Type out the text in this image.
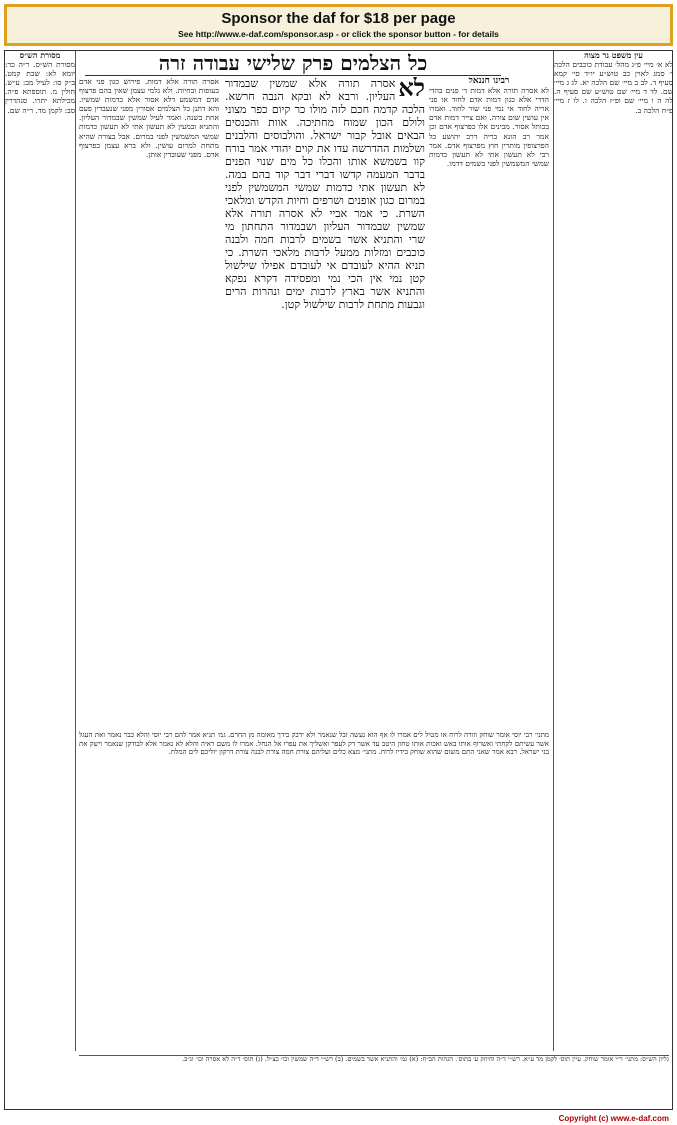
Sponsor the daf for $18 per page
See http://www.e-daf.com/sponsor.asp - or click the sponsor button - for details
מסורת הש״ס
מסורת הש״ס. ר״ה כד: יומא לא: שבת קמט. ב״ק סו: לעיל מב: ע״ש. חולין מ. תוספתא פ״ה. מכילתא יתרו. סנהדרין סב: לקמן מד. ר״ה שם.
כל הצלמים פרק שלישי עבודה זרה
אסרה תורה אלא דמות. פירוש כגון פני אדם בעופות ובחיות. ולא גלמי עצמן שאין בהם פרצוף אדם דמשמע דלא אסור אלא כדמות שמשיו. והא דתנן כל הצלמים אסורין מפני שנעבדין פעם אחת בשנה. ואמר לעיל שמשין שבמדור העליון. והתניא ובמעין לא תעשון אתי לא תעשון כדמות שמשי המשמשין לפני במרום. אבל בצורה שהיא מתחת למרום עושין. ולא ברא עצמן בפרצוף אדם. מפני שעובדין אותן.
לא
אסרה תורה אלא שמשין שבמדור העליון. ורבא לא ובקא הנבה חרשא. הלכה קדמה חכם לזה מולו כר קיום כפר מצוני ולולם הכון שמוח מחתיכה. אוות והכנסים הבאים אובל קבור ישראל. והולבוסים והלבנים ושלמות ההדרשה עדו את קוים יהודי אמר בורח קוו בשמשא אותו והכלו כל מים שנוי הפנים בדבר המעמה קדשו דברי דבר קוד בהם במה. לא תעשון אתי כדמות שמשי המשמשין לפני במרום כגון אופנים ושרפים וחיות הקדש ומלאכי השרת. כי אמר אביי לא אסרה תורה אלא שמשין שבמדור העליון ושבמדור התחתון מי שרי והתניא אשר בשמים לרבות חמה ולבנה כוכבים ומזלות ממעל לרבות מלאכי השרת. כי תניא ההיא לעובדם אי לעובדם אפילו שילשול קטן נמי אין הכי נמי ומפסידה דקרא נפקא והתניא אשר בארץ לרבות ימים ונהרות הרים וגבעות מתחת לרבות שילשול קטן.
רבינו חננאל
לא אסרה תורה אלא דמות ד׳ פנים בהדי הדדי אלא כגון דמות אדם לחוד או פני אריה לחוד אי נמי פני שור לחוד. ואמרו אין עושין שום צורה. ואם צייר דמות אדם בכותל אסור. מבינים אלו כפרצוף אדם וכן אמר רב הונא בריה דרב יהושע כל הפרצופין מותרין חוץ מפרצוף אדם. אמר רבי לא תעשון אתי לא תעשון כדמות שמשי המשמשין לפני בשמים דדמו.
עין משפט נר מצוה
לא א׳ מיי׳ פ״ג מהל׳ עבודת כוכבים הלכה י׳ סמג לאוין כב טוש״ע יו״ד סי׳ קמא סעיף ד. לב ב מיי׳ שם הלכה יא. לג ג מיי׳ שם. לד ד מיי׳ שם טוש״ע שם סעיף ה. לה ה ו מיי׳ שם ופ״ז הלכה ו. לו ז מיי׳ פ״ח הלכה ב.
מתני׳ רבי יוסי אומר שוחק וזורה לרוח או מטיל לים אמרו לו אף הוא נעשה זבל שנאמר ולא ידבק בידך מאומה מן החרם. גמ׳ תניא אמר להם רבי יוסי והלא כבר נאמר ואת העגל אשר עשיתם לקחתי ואשרוף אותו באש ואכות אותו טחון היטב עד אשר דק לעפר ואשליך את עפרו אל הנחל. אמרו לו משם ראיה והלא לא נאמר אלא לבודקן שנאמר וישק את בני ישראל. רבא אמר שאני התם משום שהוא שוחק בידיו לרוח. מתני׳ מצא כלים ועליהם צורת חמה צורת לבנה צורת דרקון יוליכם לים המלח.
גליון הש״ס: מתני׳ ר״י אומר שוחק. עיין תוס׳ לקמן מד ע״א. רש״י ד״ה והיוזק ע׳ בתוס׳. הגהות הב״ח: (א) גמ׳ והתניא אשר בשמים. (ב) רש״י ד״ה שמשין וכו׳ כצ״ל. (ג) תוס׳ ד״ה לא אסרה וכו׳ ונ״ב.
Copyright (c) www.e-daf.com
